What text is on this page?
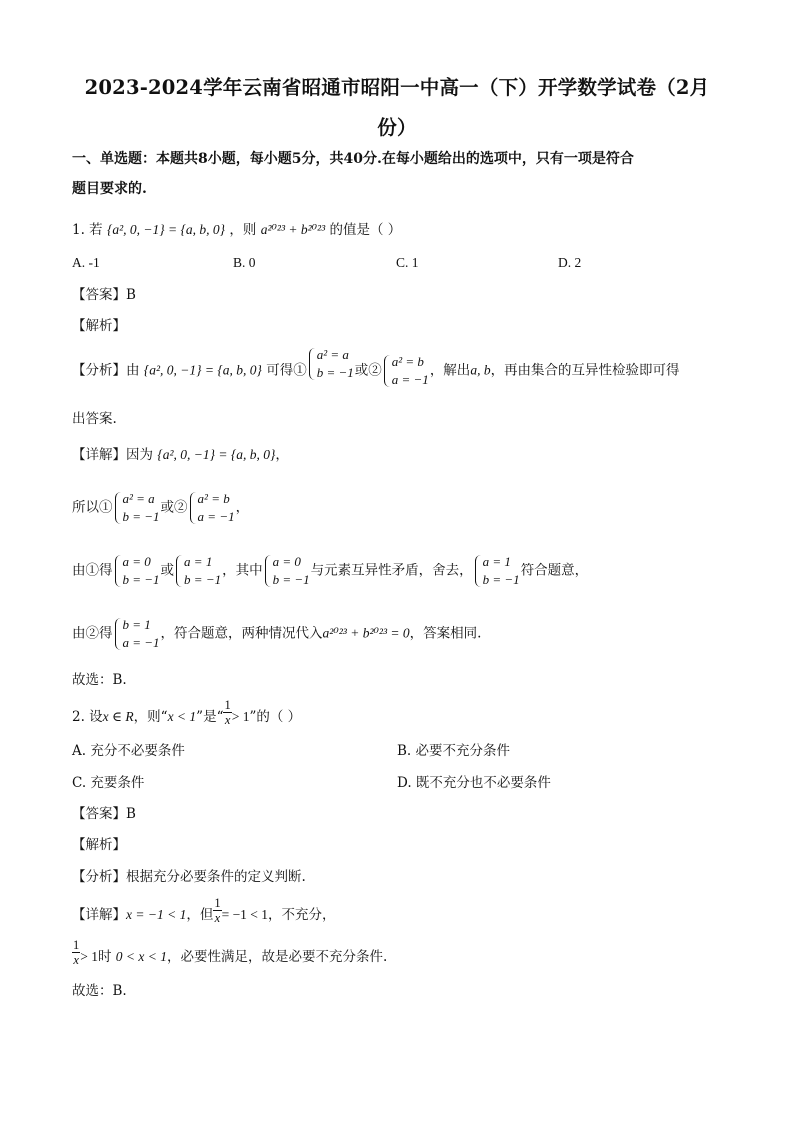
2023-2024学年云南省昭通市昭阳一中高一（下）开学数学试卷（2月
份）
一、单选题：本题共8小题，每小题5分，共40分.在每小题给出的选项中，只有一项是符合
题目要求的.
1. 若 {a², 0, −1} = {a, b, 0} ，则 a²⁰²³ + b²⁰²³ 的值是（ ）
A. -1	B. 0	C. 1	D. 2
【答案】B
【解析】
【分析】由 {a², 0, −1} = {a, b, 0} 可得①
a² = a
b = −1 或②
a² = b
a = −1
，解出a, b，再由集合的互异性检验即可得
出答案.
【详解】因为 {a², 0, −1} = {a, b, 0}，
所以①
a² = a
b = −1
或②
a² = b
a = −1
，
由①得
a = 0
b = −1
或
a = 1
b = −1
，其中
a = 0
b = −1
与元素互异性矛盾，舍去，
a = 1
b = −1
符合题意，
由②得
b = 1
a = −1
，符合题意，两种情况代入a²⁰²³ + b²⁰²³ = 0，答案相同.
故选：B.
2. 设x ∈ R，则“x < 1”是“ $\frac{1}{x} > 1$”的（ ）
A. 充分不必要条件	B. 必要不充分条件
C. 充要条件	D. 既不充分也不必要条件
【答案】B
【解析】
【分析】根据充分必要条件的定义判断.
【详解】x = −1 < 1，但 $\frac{1}{x} = -1 < 1$，不充分，
$\frac{1}{x} > 1$时 0 < x < 1，必要性满足，故是必要不充分条件.
故选：B.
